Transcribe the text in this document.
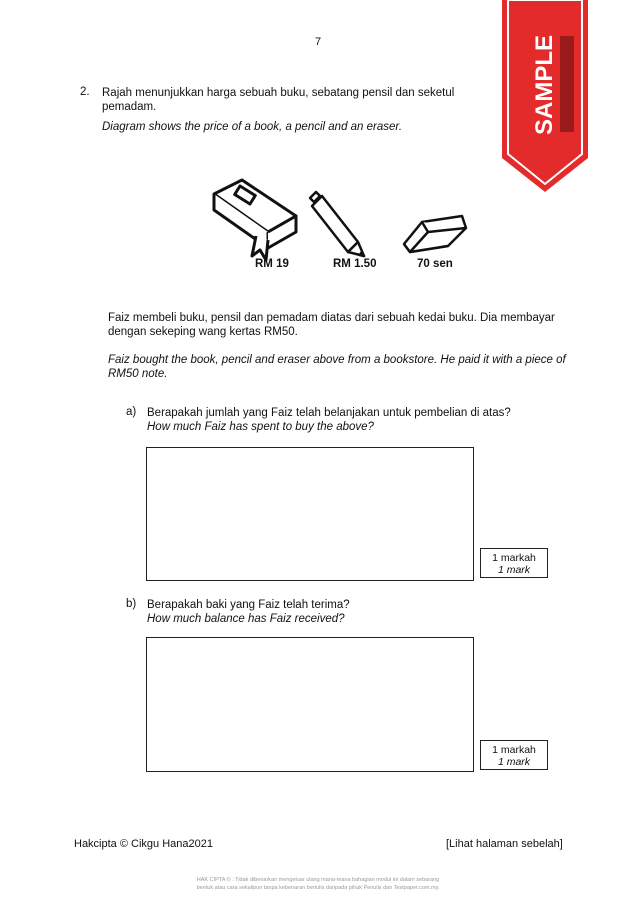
7	SAMPLE
2. Rajah menunjukkan harga sebuah buku, sebatang pensil dan seketul pemadam.
Diagram shows the price of a book, a pencil and an eraser.
RM 19	RM 1.50	70 sen
Faiz membeli buku, pensil dan pemadam diatas dari sebuah kedai buku. Dia membayar dengan sekeping wang kertas RM50.
Faiz bought the book, pencil and eraser above from a bookstore. He paid it with a piece of RM50 note.
a) Berapakah jumlah yang Faiz telah belanjakan untuk pembelian di atas?
How much Faiz has spent to buy the above?
1 markah
1 mark
b) Berapakah baki yang Faiz telah terima?
How much balance has Faiz received?
1 markah
1 mark
Hakcipta © Cikgu Hana2021	[Lihat halaman sebelah]
HAK CIPTA © : Tidak dibenarkan mengeluar ulang mana-mana bahagian modul ini dalam sebarang
bentuk atau cara sekalipun tanpa kebenaran bertulis daripada pihak Penulis dan Testpaper.com.my.
